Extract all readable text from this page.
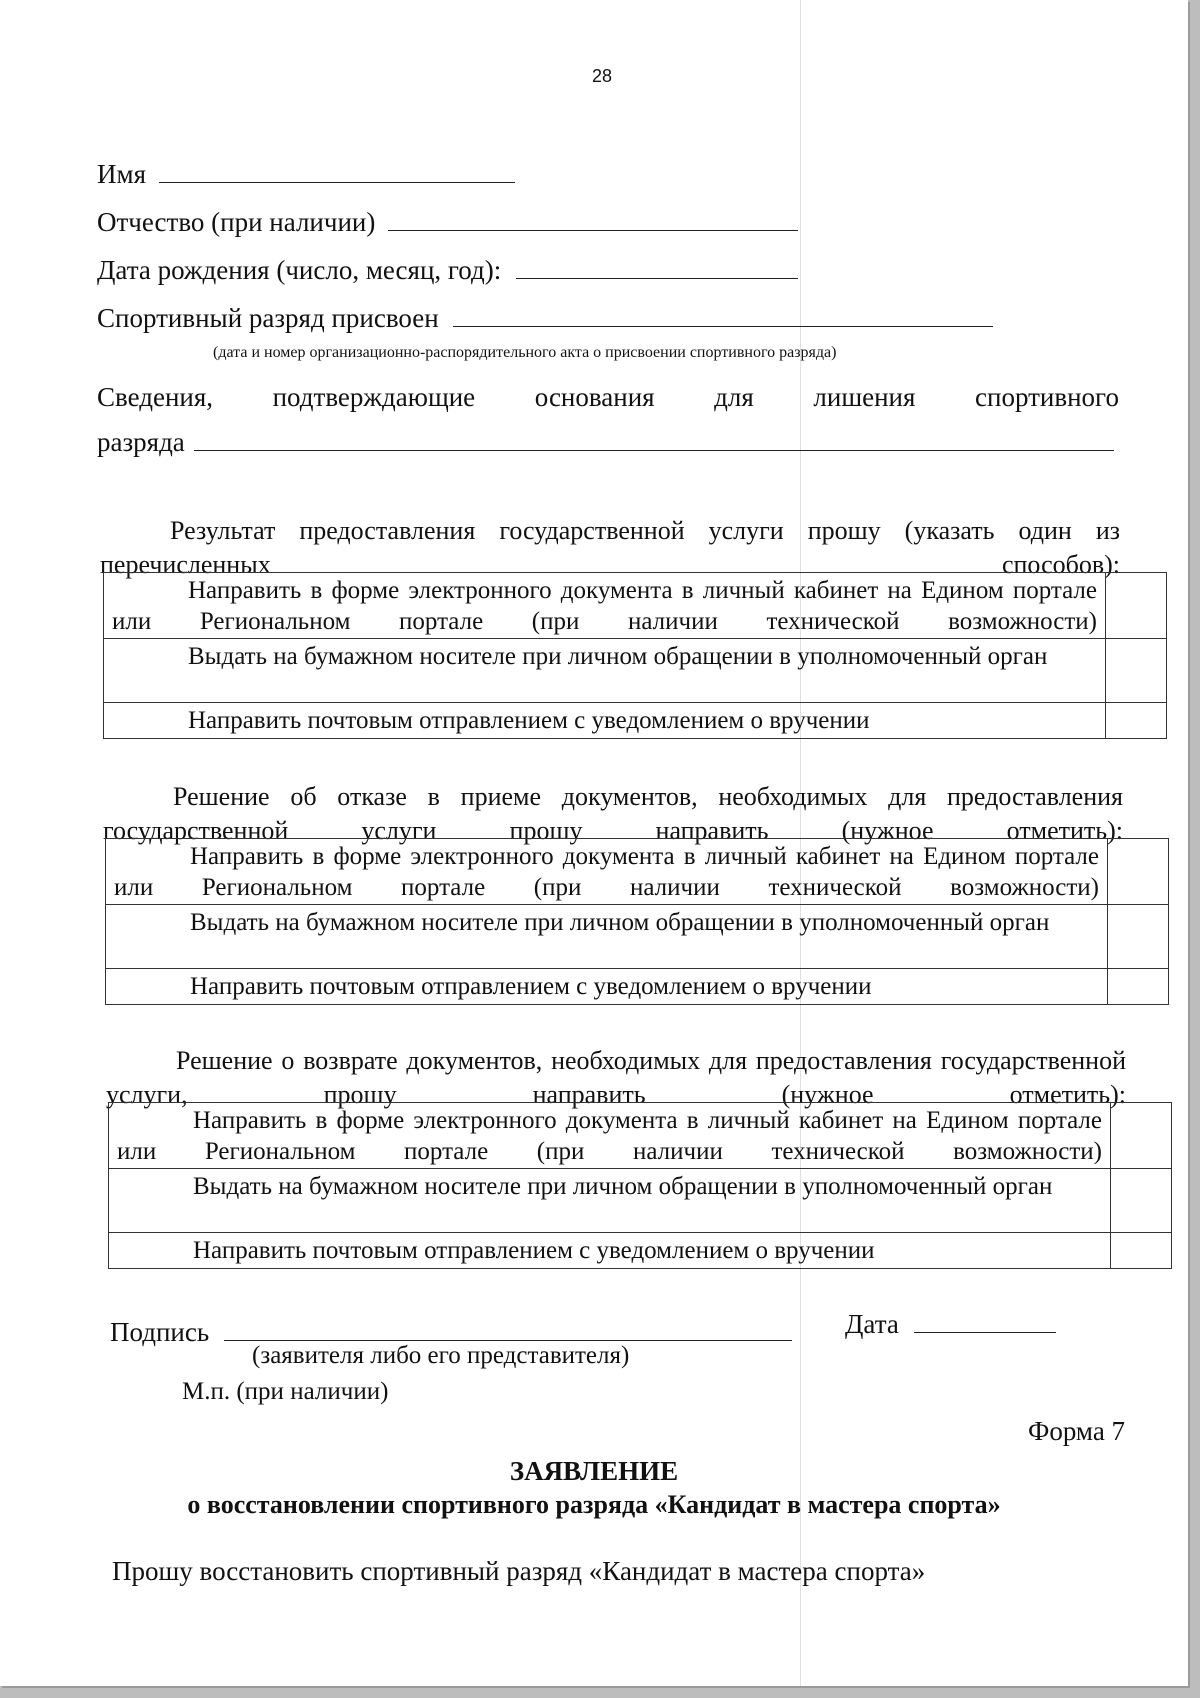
28
Имя
Отчество (при наличии)
Дата рождения (число, месяц, год):
Спортивный разряд присвоен
(дата и номер организационно-распорядительного акта о присвоении спортивного разряда)
Сведения, подтверждающие основания для лишения спортивного
разряда
Результат предоставления государственной услуги прошу (указать один из перечисленных способов):
Направить в форме электронного документа в личный кабинет на Едином портале или Региональном портале (при наличии технической возможности)	
Выдать на бумажном носителе при личном обращении в уполномоченный орган	
Направить почтовым отправлением с уведомлением о вручении	
Решение об отказе в приеме документов, необходимых для предоставления государственной услуги прошу направить (нужное отметить):
Направить в форме электронного документа в личный кабинет на Едином портале или Региональном портале (при наличии технической возможности)	
Выдать на бумажном носителе при личном обращении в уполномоченный орган	
Направить почтовым отправлением с уведомлением о вручении	
Решение о возврате документов, необходимых для предоставления государственной услуги, прошу направить (нужное отметить):
Направить в форме электронного документа в личный кабинет на Едином портале или Региональном портале (при наличии технической возможности)	
Выдать на бумажном носителе при личном обращении в уполномоченный орган	
Направить почтовым отправлением с уведомлением о вручении	
Подпись	Дата
(заявителя либо его представителя)
М.п. (при наличии)
Форма 7
ЗАЯВЛЕНИЕ
о восстановлении спортивного разряда «Кандидат в мастера спорта»
Прошу восстановить спортивный разряд «Кандидат в мастера спорта»
